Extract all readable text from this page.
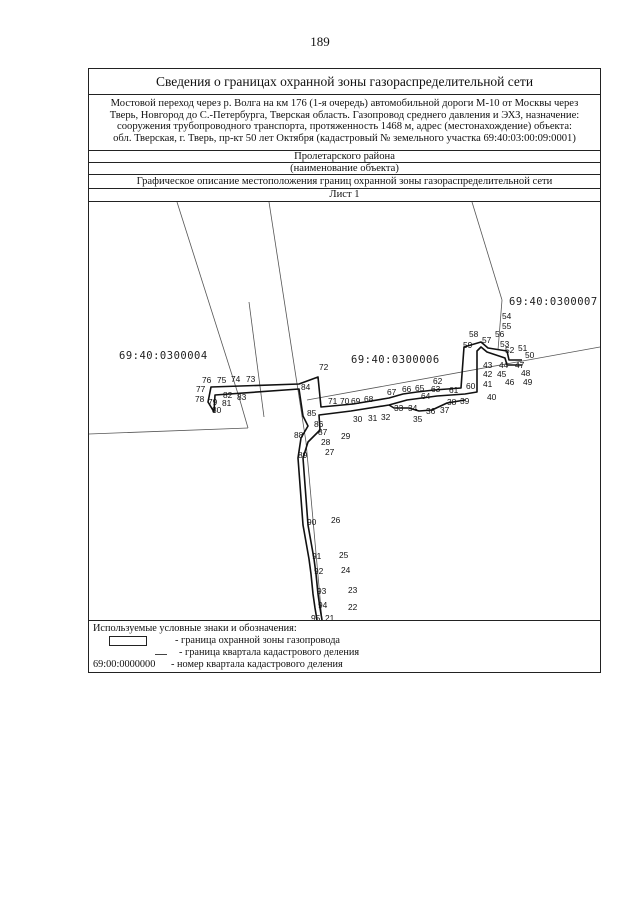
189
Сведения о границах охранной зоны газораспределительной сети
Мостовой переход через р. Волга на км 176 (1-я очередь) автомобильной дороги М-10 от Москвы через
Тверь, Новгород до С.-Петербурга, Тверская область. Газопровод среднего давления и ЭХЗ, назначение:
сооружения трубопроводного транспорта, протяженность 1468 м, адрес (местонахождение) объекта:
обл. Тверская, г. Тверь, пр-кт 50 лет Октября (кадастровый № земельного участка 69:40:03:00:09:0001)
Пролетарского района
(наименование объекта)
Графическое описание местоположения границ охранной зоны газораспределительной сети
Лист 1
69:40:0300004	69:40:0300006
69:40:0300007
21
22
23
24
25
26
27
28
29
30 31 32
33 34
35
36 37
38 39 40
41
42
43 44
45
46
47
48
49
50
51
52
53
54
55
56
57
58
59
60
61
62
63
64
65
66
67
68
69
70
71
72
73
74
75
76
77
78 79
80
81
82 83
84
85
86
87
88
89
90
91
92
93
94
95
Используемые условные знаки и обозначения:
- граница охранной зоны газопровода
- граница квартала кадастрового деления
69:00:0000000 - номер квартала кадастрового деления
